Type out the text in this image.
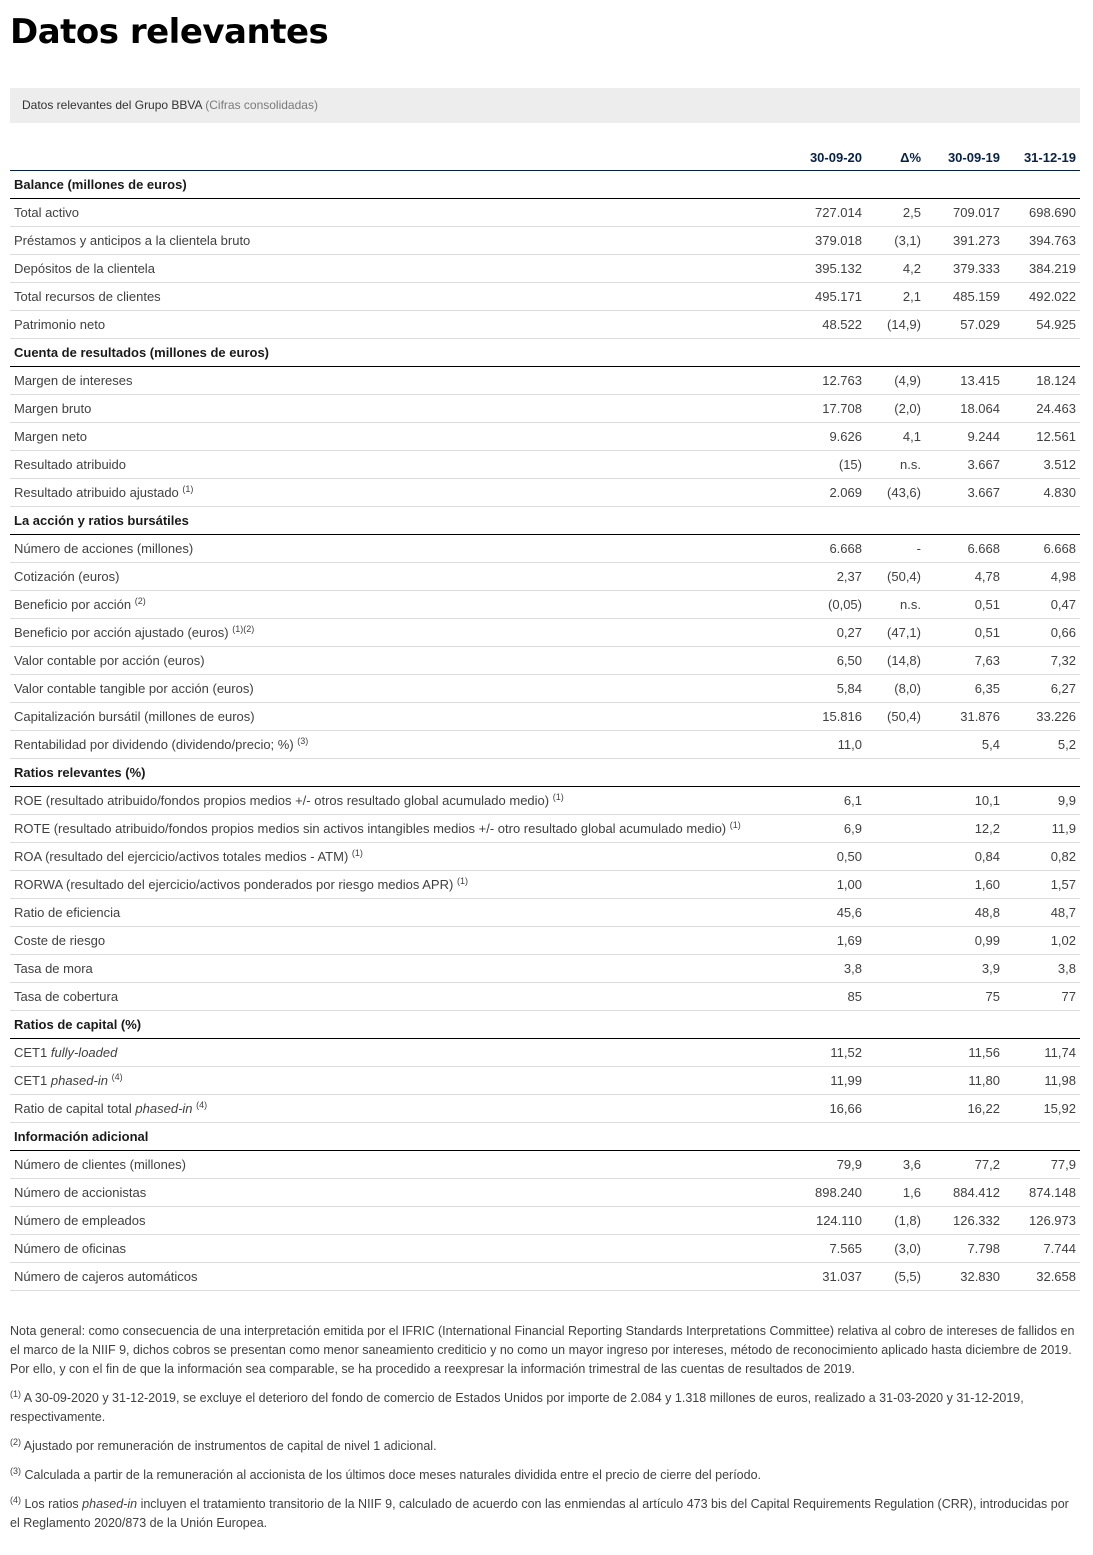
Datos relevantes
Datos relevantes del Grupo BBVA (Cifras consolidadas)
	30-09-20	Δ%	30-09-19	31-12-19
Balance (millones de euros)				
Total activo	727.014	2,5	709.017	698.690
Préstamos y anticipos a la clientela bruto	379.018	(3,1)	391.273	394.763
Depósitos de la clientela	395.132	4,2	379.333	384.219
Total recursos de clientes	495.171	2,1	485.159	492.022
Patrimonio neto	48.522	(14,9)	57.029	54.925
Cuenta de resultados (millones de euros)				
Margen de intereses	12.763	(4,9)	13.415	18.124
Margen bruto	17.708	(2,0)	18.064	24.463
Margen neto	9.626	4,1	9.244	12.561
Resultado atribuido	(15)	n.s.	3.667	3.512
Resultado atribuido ajustado $^{(1)}$	2.069	(43,6)	3.667	4.830
La acción y ratios bursátiles				
Número de acciones (millones)	6.668	-	6.668	6.668
Cotización (euros)	2,37	(50,4)	4,78	4,98
Beneficio por acción $^{(2)}$	(0,05)	n.s.	0,51	0,47
Beneficio por acción ajustado (euros) $^{(1)(2)}$	0,27	(47,1)	0,51	0,66
Valor contable por acción (euros)	6,50	(14,8)	7,63	7,32
Valor contable tangible por acción (euros)	5,84	(8,0)	6,35	6,27
Capitalización bursátil (millones de euros)	15.816	(50,4)	31.876	33.226
Rentabilidad por dividendo (dividendo/precio; %) $^{(3)}$	11,0		5,4	5,2
Ratios relevantes (%)				
ROE (resultado atribuido/fondos propios medios +/- otros resultado global acumulado medio) $^{(1)}$	6,1		10,1	9,9
ROTE (resultado atribuido/fondos propios medios sin activos intangibles medios +/- otro resultado global acumulado medio) $^{(1)}$	6,9		12,2	11,9
ROA (resultado del ejercicio/activos totales medios - ATM) $^{(1)}$	0,50		0,84	0,82
RORWA (resultado del ejercicio/activos ponderados por riesgo medios APR) $^{(1)}$	1,00		1,60	1,57
Ratio de eficiencia	45,6		48,8	48,7
Coste de riesgo	1,69		0,99	1,02
Tasa de mora	3,8		3,9	3,8
Tasa de cobertura	85		75	77
Ratios de capital (%)				
CET1 fully-loaded	11,52		11,56	11,74
CET1 phased-in $^{(4)}$	11,99		11,80	11,98
Ratio de capital total phased-in $^{(4)}$	16,66		16,22	15,92
Información adicional				
Número de clientes (millones)	79,9	3,6	77,2	77,9
Número de accionistas	898.240	1,6	884.412	874.148
Número de empleados	124.110	(1,8)	126.332	126.973
Número de oficinas	7.565	(3,0)	7.798	7.744
Número de cajeros automáticos	31.037	(5,5)	32.830	32.658

Nota general: como consecuencia de una interpretación emitida por el IFRIC (International Financial Reporting Standards Interpretations Committee) relativa al cobro de intereses de fallidos en el marco de la NIIF 9, dichos cobros se presentan como menor saneamiento crediticio y no como un mayor ingreso por intereses, método de reconocimiento aplicado hasta diciembre de 2019. Por ello, y con el fin de que la información sea comparable, se ha procedido a reexpresar la información trimestral de las cuentas de resultados de 2019.

$^{(1)}$ A 30-09-2020 y 31-12-2019, se excluye el deterioro del fondo de comercio de Estados Unidos por importe de 2.084 y 1.318 millones de euros, realizado a 31-03-2020 y 31-12-2019, respectivamente.

$^{(2)}$ Ajustado por remuneración de instrumentos de capital de nivel 1 adicional.

$^{(3)}$ Calculada a partir de la remuneración al accionista de los últimos doce meses naturales dividida entre el precio de cierre del período.

$^{(4)}$ Los ratios phased-in incluyen el tratamiento transitorio de la NIIF 9, calculado de acuerdo con las enmiendas al artículo 473 bis del Capital Requirements Regulation (CRR), introducidas por el Reglamento 2020/873 de la Unión Europea.
